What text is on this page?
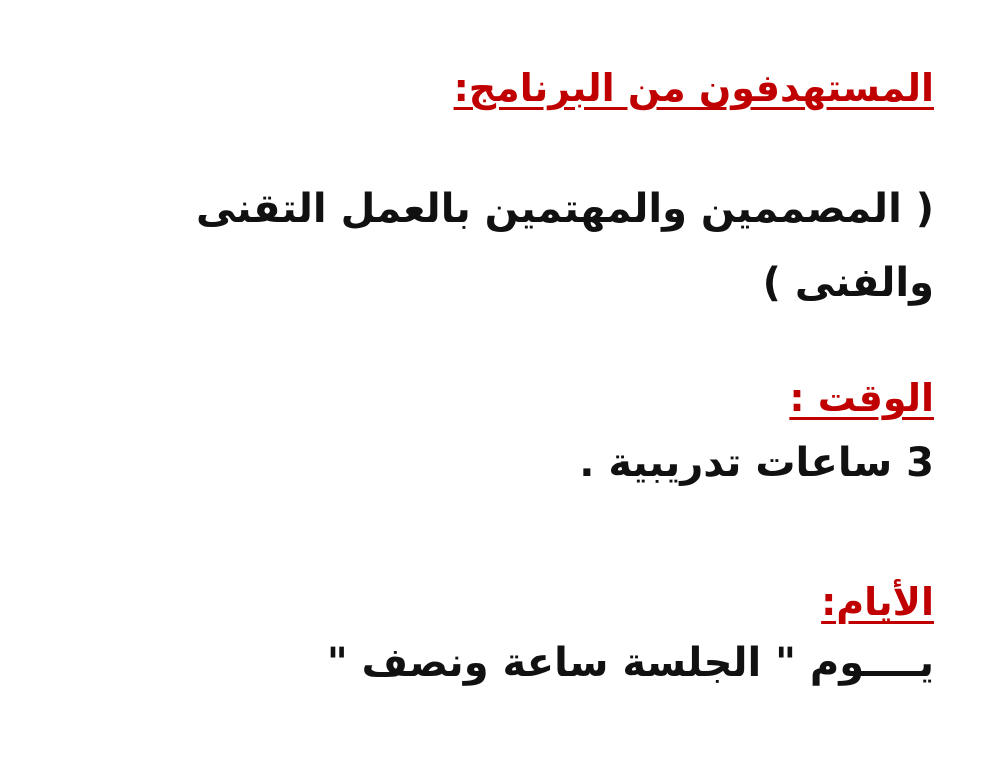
المستهدفون من البرنامج:
( المصممين والمهتمين بالعمل التقنى
والفنى )
الوقت :
3 ساعات تدريبية .
الأيام:
يــــوم " الجلسة ساعة ونصف "
